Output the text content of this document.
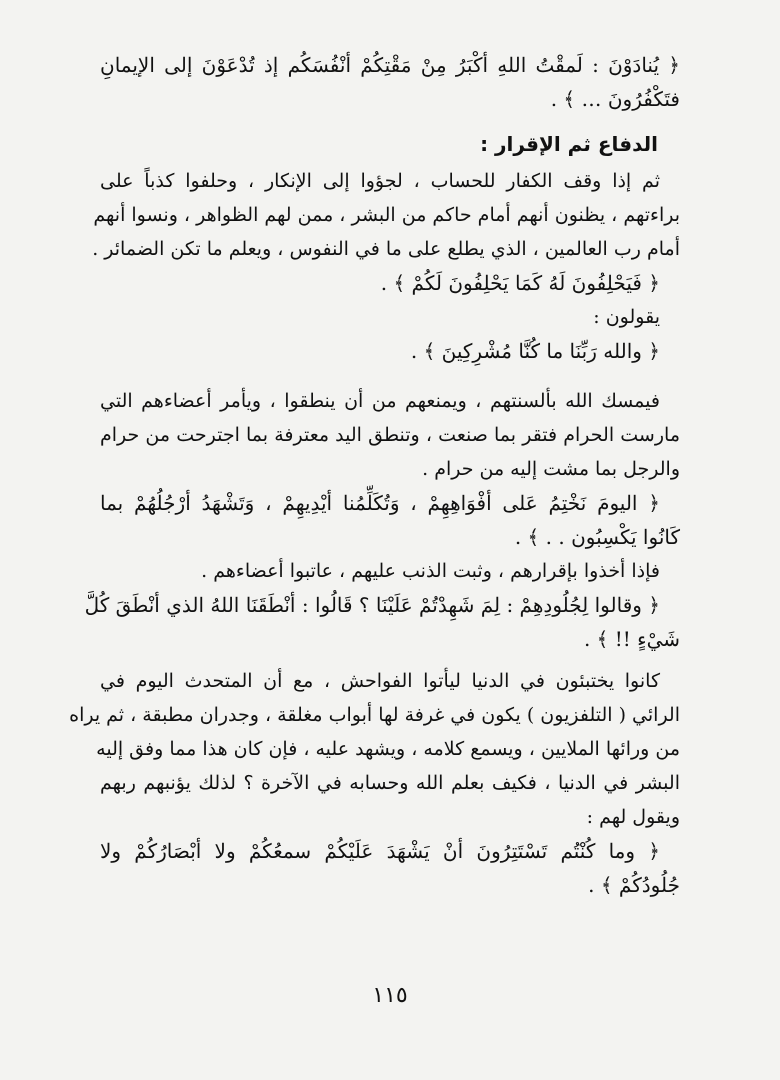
﴿ يُنادَوْنَ : لَمقْتُ اللهِ أكْبَرُ مِنْ مَقْتِكُمْ أنْفُسَكُم إذ تُدْعَوْنَ إلى الإيمانِ
فتَكْفُرُونَ … ﴾ .
الدفاع ثم الإقرار :
ثم إذا وقف الكفار للحساب ، لجؤوا إلى الإنكار ، وحلفوا كذباً على
براءتهم ، يظنون أنهم أمام حاكم من البشر ، ممن لهم الظواهر ، ونسوا أنهم
أمام رب العالمين ، الذي يطلع على ما في النفوس ، ويعلم ما تكن الضمائر .
﴿ فَيَحْلِفُونَ لَهُ كَمَا يَحْلِفُونَ لَكُمْ ﴾ .
يقولون :
﴿ والله رَبِّنَا ما كُنَّا مُشْرِكِينَ ﴾ .
فيمسك الله بألسنتهم ، ويمنعهم من أن ينطقوا ، ويأمر أعضاءهم التي
مارست الحرام فتقر بما صنعت ، وتنطق اليد معترفة بما اجترحت من حرام
والرجل بما مشت إليه من حرام .
﴿ اليومَ نَخْتِمُ عَلى أفْوَاهِهِمْ ، وَتُكَلِّمُنا أيْدِيهِمْ ، وَتَشْهَدُ أرْجُلُهُمْ بما
كَانُوا يَكْسِبُون . . ﴾ .
فإذا أخذوا بإقرارهم ، وثبت الذنب عليهم ، عاتبوا أعضاءهم .
﴿ وقالوا لِجُلُودِهِمْ : لِمَ شَهِدْتُمْ عَلَيْنَا ؟ قَالُوا : أنْطَقَنَا اللهُ الذي أنْطَقَ كُلَّ
شَيْءٍ !! ﴾ .
كانوا يختبئون في الدنيا ليأتوا الفواحش ، مع أن المتحدث اليوم في
الرائي ( التلفزيون ) يكون في غرفة لها أبواب مغلقة ، وجدران مطبقة ، ثم يراه
من ورائها الملايين ، ويسمع كلامه ، ويشهد عليه ، فإن كان هذا مما وفق إليه
البشر في الدنيا ، فكيف بعلم الله وحسابه في الآخرة ؟ لذلك يؤنبهم ربهم
ويقول لهم :
﴿ وما كُنْتُم تَسْتَتِرُونَ أنْ يَشْهَدَ عَلَيْكُمْ سمعُكُمْ ولا أبْصَارُكُمْ ولا
جُلُودُكُمْ ﴾ .
١١٥
